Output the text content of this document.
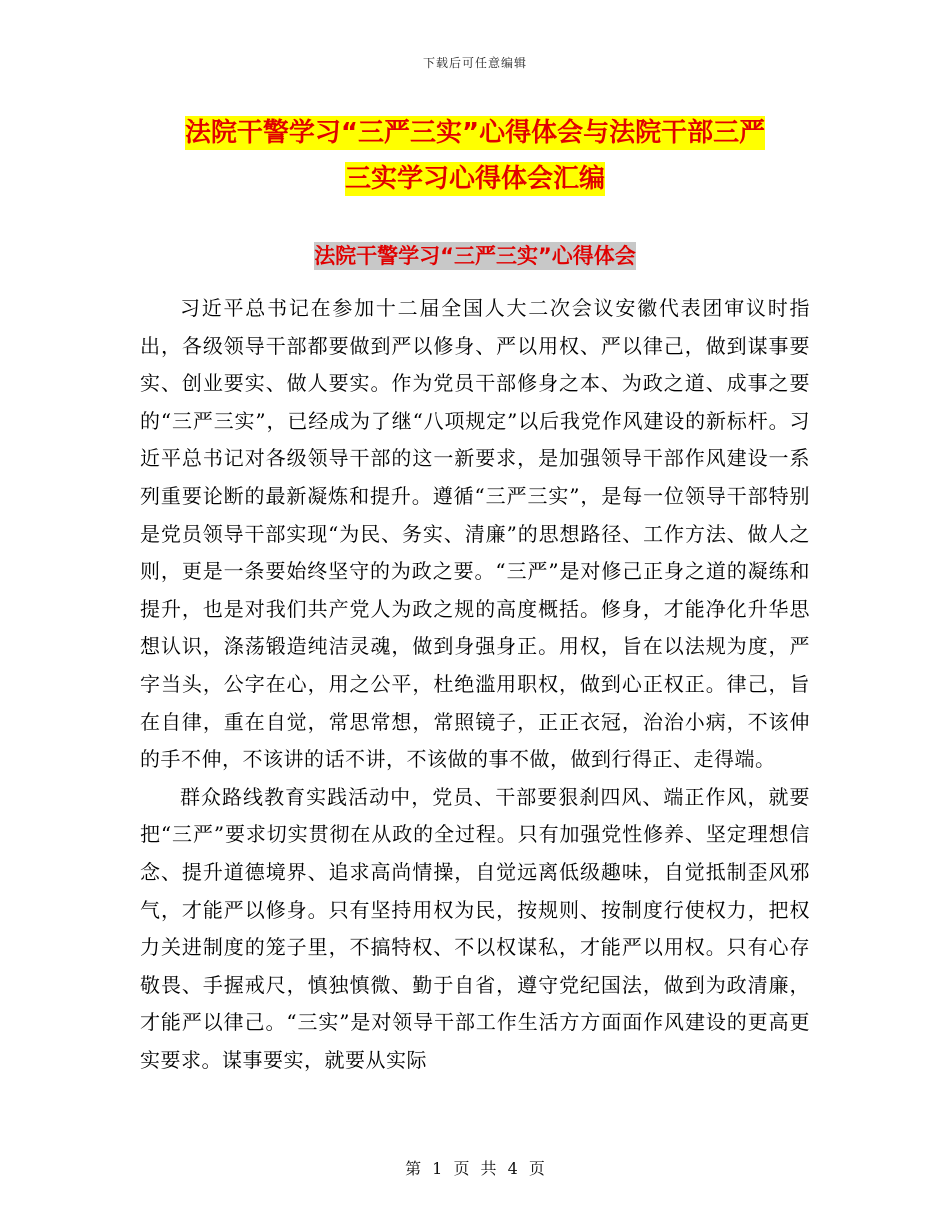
下载后可任意编辑
法院干警学习“三严三实”心得体会与法院干部三严
三实学习心得体会汇编
法院干警学习“三严三实”心得体会

习近平总书记在参加十二届全国人大二次会议安徽代表团审议时指出，各级领导干部都要做到严以修身、严以用权、严以律己，做到谋事要实、创业要实、做人要实。作为党员干部修身之本、为政之道、成事之要的“三严三实”，已经成为了继“八项规定”以后我党作风建设的新标杆。习近平总书记对各级领导干部的这一新要求，是加强领导干部作风建设一系列重要论断的最新凝炼和提升。遵循“三严三实”，是每一位领导干部特别是党员领导干部实现“为民、务实、清廉”的思想路径、工作方法、做人之则，更是一条要始终坚守的为政之要。“三严”是对修己正身之道的凝练和提升，也是对我们共产党人为政之规的高度概括。修身，才能净化升华思想认识，涤荡锻造纯洁灵魂，做到身强身正。用权，旨在以法规为度，严字当头，公字在心，用之公平，杜绝滥用职权，做到心正权正。律己，旨在自律，重在自觉，常思常想，常照镜子，正正衣冠，治治小病，不该伸的手不伸，不该讲的话不讲，不该做的事不做，做到行得正、走得端。

群众路线教育实践活动中，党员、干部要狠刹四风、端正作风，就要把“三严”要求切实贯彻在从政的全过程。只有加强党性修养、坚定理想信念、提升道德境界、追求高尚情操，自觉远离低级趣味，自觉抵制歪风邪气，才能严以修身。只有坚持用权为民，按规则、按制度行使权力，把权力关进制度的笼子里，不搞特权、不以权谋私，才能严以用权。只有心存敬畏、手握戒尺，慎独慎微、勤于自省，遵守党纪国法，做到为政清廉，才能严以律己。“三实”是对领导干部工作生活方方面面作风建设的更高更实要求。谋事要实，就要从实际

第 1 页 共 4 页
